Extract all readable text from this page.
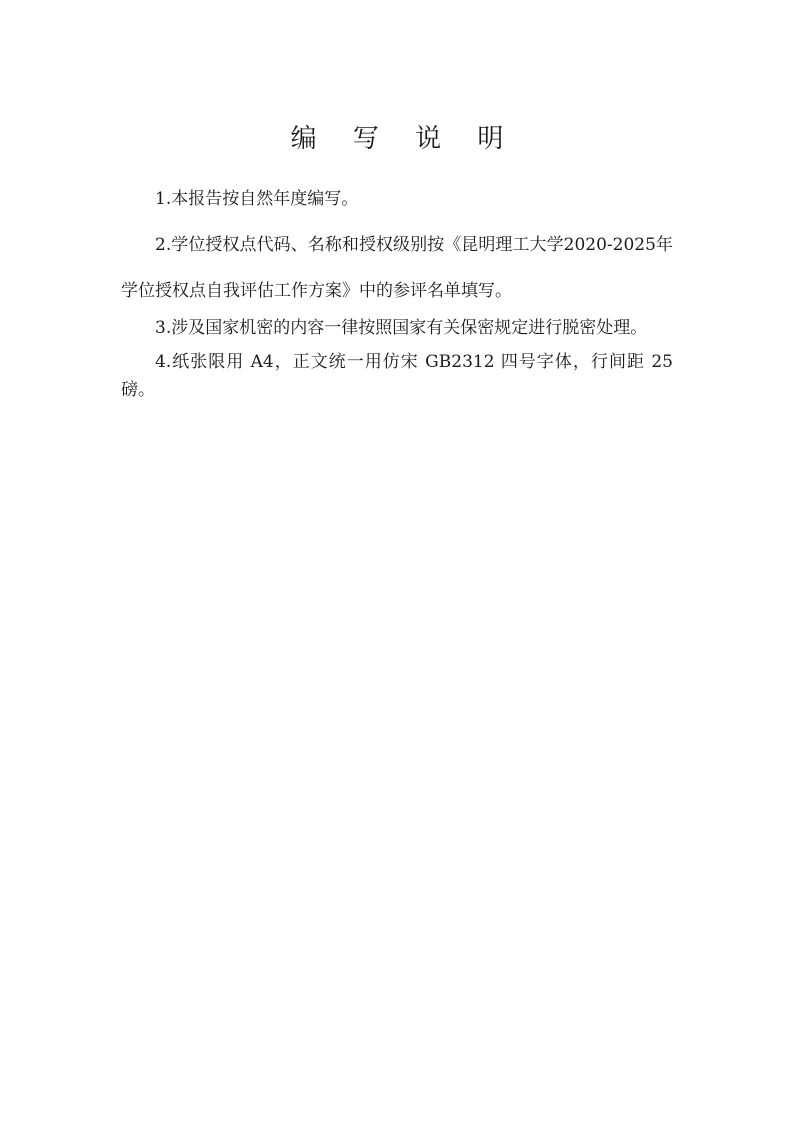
编 写 说 明

1.本报告按自然年度编写。

2.学位授权点代码、名称和授权级别按《昆明理工大学2020-2025年学位授权点自我评估工作方案》中的参评名单填写。

3.涉及国家机密的内容一律按照国家有关保密规定进行脱密处理。

4.纸张限用 A4，正文统一用仿宋 GB2312 四号字体，行间距 25 磅。
